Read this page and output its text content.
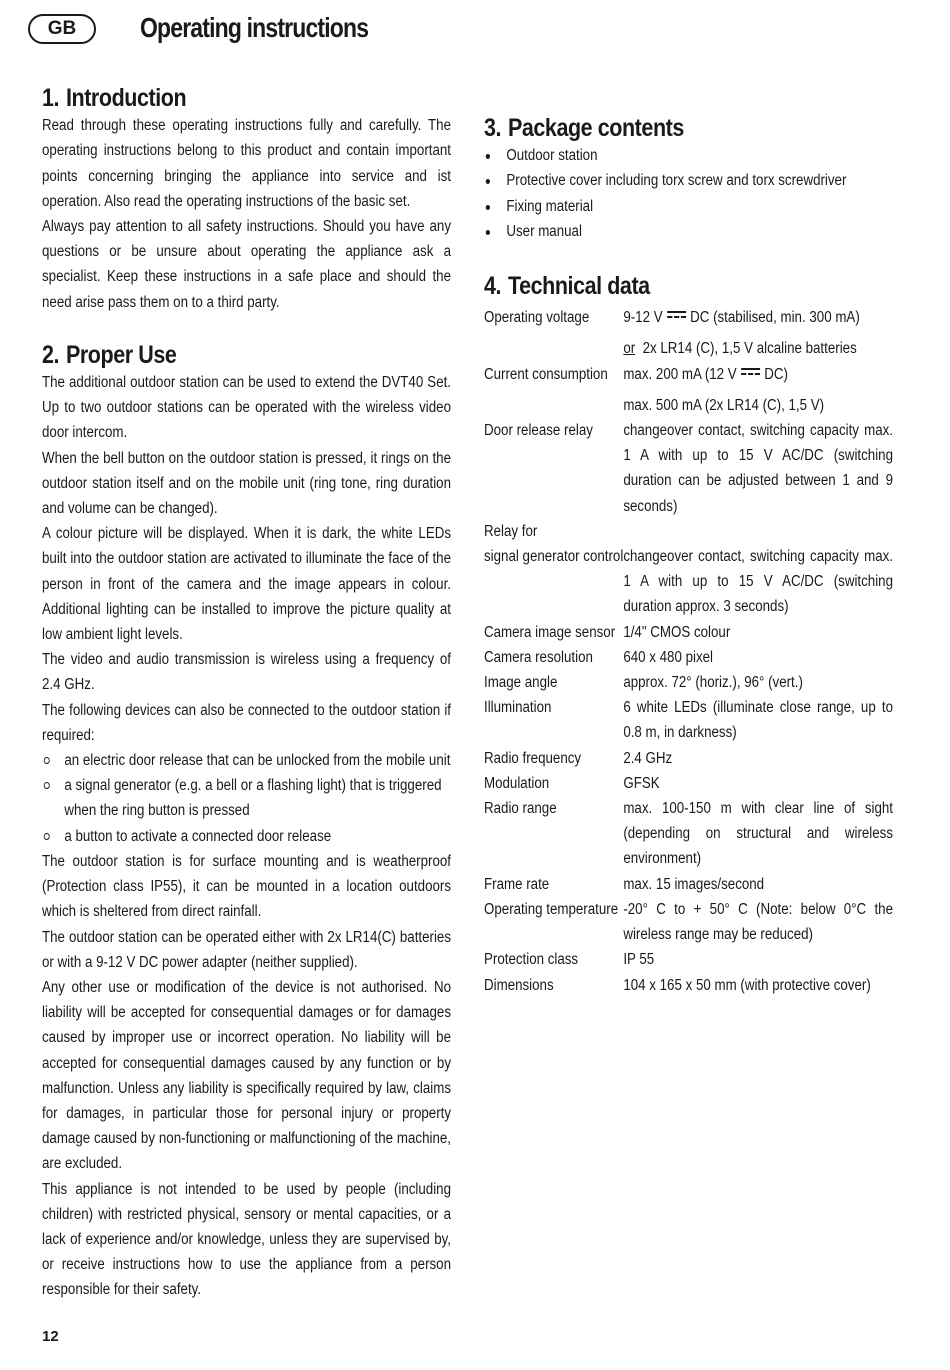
GB	Operating instructions
1. Introduction

Read through these operating instructions fully and carefully. The operating instructions belong to this product and contain important points concerning bringing the appliance into service and ist operation. Also read the operating instructions of the basic set.

Always pay attention to all safety instructions. Should you have any questions or be unsure about operating the appliance ask a specialist. Keep these instructions in a safe place and should the need arise pass them on to a third party.

2. Proper Use

The additional outdoor station can be used to extend the DVT40 Set. Up to two outdoor stations can be operated with the wireless video door intercom.

When the bell button on the outdoor station is pressed, it rings on the outdoor station itself and on the mobile unit (ring tone, ring duration and volume can be changed).

A colour picture will be displayed. When it is dark, the white LEDs built into the outdoor station are activated to illuminate the face of the person in front of the camera and the image appears in colour. Additional lighting can be installed to improve the picture quality at low ambient light levels.

The video and audio transmission is wireless using a frequency of 2.4 GHz.

The following devices can also be connected to the outdoor station if required:

an electric door release that can be unlocked from the mobile unit
a signal generator (e.g. a bell or a flashing light) that is triggered when the ring button is pressed
a button to activate a connected door release

The outdoor station is for surface mounting and is weatherproof (Protection class IP55), it can be mounted in a location outdoors which is sheltered from direct rainfall.

The outdoor station can be operated either with 2x LR14(C) batteries or with a 9-12 V DC power adapter (neither supplied).

Any other use or modification of the device is not authorised. No liability will be accepted for consequential damages or for damages caused by improper use or incorrect operation. No liability will be accepted for consequential damages caused by any function or by malfunction. Unless any liability is specifically required by law, claims for damages, in particular those for personal injury or property damage caused by non-functioning or malfunctioning of the machine, are excluded.

This appliance is not intended to be used by people (including children) with restricted physical, sensory or mental capacities, or a lack of experience and/or knowledge, unless they are supervised by, or receive instructions how to use the appliance from a person responsible for their safety.

3. Package contents
Outdoor station
Protective cover including torx screw and torx screwdriver
Fixing material
User manual
4. Technical data
Operating voltage	9-12 V DC (stabilised, min. 300 mA)

	or 2x LR14 (C), 1,5 V alcaline batteries
Current consumption	max. 200 mA (12 V DC)

	max. 500 mA (2x LR14 (C), 1,5 V)
Door release relay	changeover contact, switching capacity max. 1 A with up to 15 V AC/DC (switching duration can be adjusted between 1 and 9 seconds)
Relay for	
signal generator control	changeover contact, switching capacity max. 1 A with up to 15 V AC/DC (switching duration approx. 3 seconds)
Camera image sensor	1/4" CMOS colour
Camera resolution	640 x 480 pixel
Image angle	approx. 72° (horiz.), 96° (vert.)
Illumination	6 white LEDs (illuminate close range, up to 0.8 m, in darkness)
Radio frequency	2.4 GHz
Modulation	GFSK
Radio range	max. 100-150 m with clear line of sight (depending on structural and wireless environment)
Frame rate	max. 15 images/second
Operating temperature	-20° C to + 50° C (Note: below 0°C the wireless range may be reduced)
Protection class	IP 55
Dimensions	104 x 165 x 50 mm (with protective cover)
12
